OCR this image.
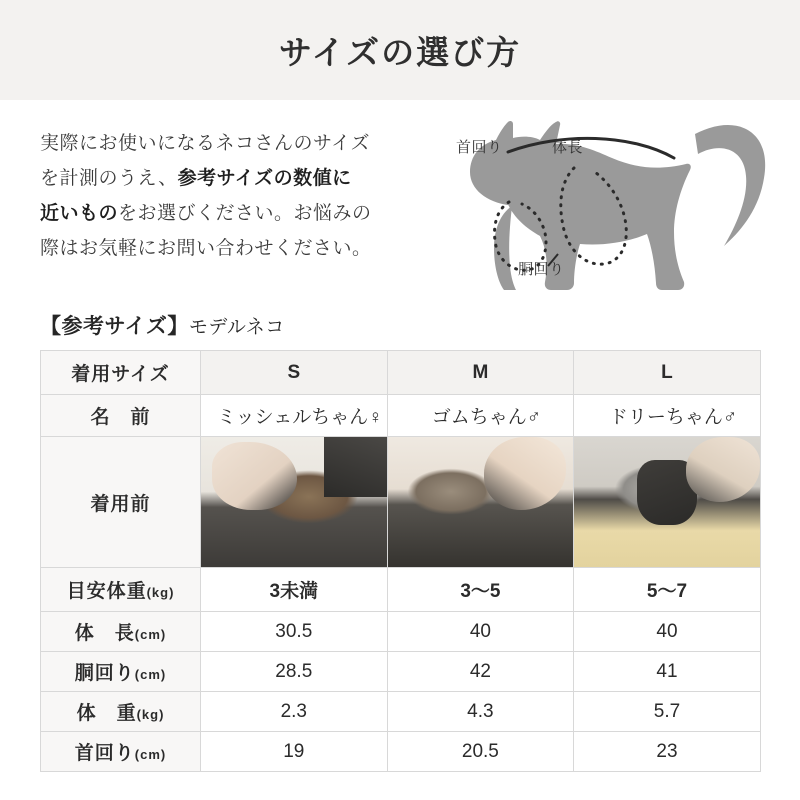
サイズの選び方
実際にお使いになるネコさんのサイズ
を計測のうえ、参考サイズの数値に
近いものをお選びください。お悩みの
際はお気軽にお問い合わせください。
首回り	体長
胴回り
【参考サイズ】モデルネコ
着用サイズ	S	M	L
名　前	ミッシェルちゃん♀	ゴムちゃん♂	ドリーちゃん♂
着用前	

目安体重(kg)	3未満	3〜5	5〜7
体　長(cm)	30.5	40	40
胴回り(cm)	28.5	42	41
体　重(kg)	2.3	4.3	5.7
首回り(cm)	19	20.5	23
